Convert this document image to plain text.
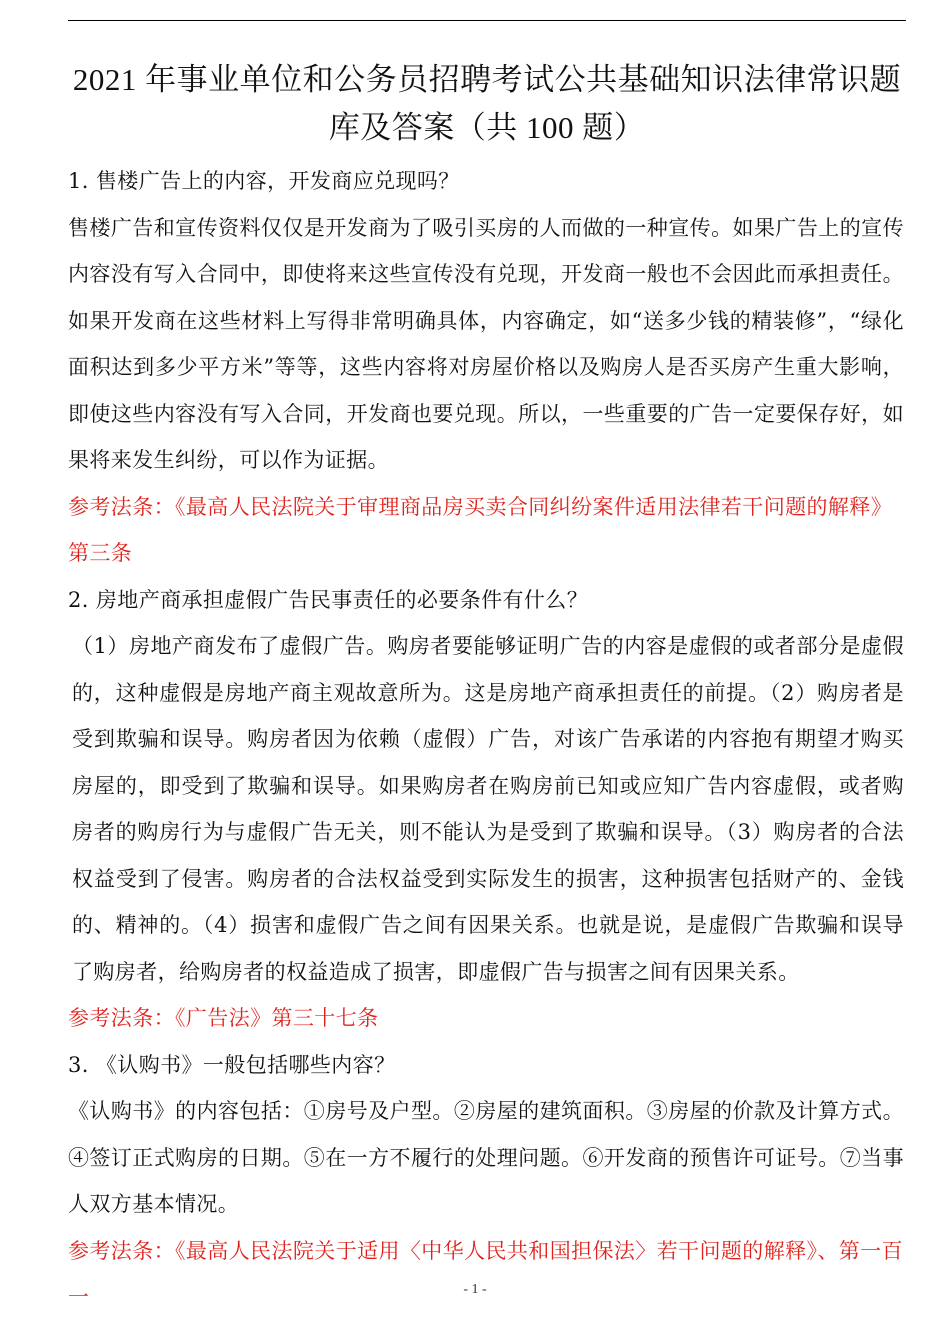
2021 年事业单位和公务员招聘考试公共基础知识法律常识题
库及答案（共 100 题）

1. 售楼广告上的内容，开发商应兑现吗？

售楼广告和宣传资料仅仅是开发商为了吸引买房的人而做的一种宣传。如果广告上的宣传内容没有写入合同中，即使将来这些宣传没有兑现，开发商一般也不会因此而承担责任。如果开发商在这些材料上写得非常明确具体，内容确定，如“送多少钱的精装修”，“绿化面积达到多少平方米”等等，这些内容将对房屋价格以及购房人是否买房产生重大影响，即使这些内容没有写入合同，开发商也要兑现。所以，一些重要的广告一定要保存好，如果将来发生纠纷，可以作为证据。

参考法条：《最高人民法院关于审理商品房买卖合同纠纷案件适用法律若干问题的解释》第三条

2. 房地产商承担虚假广告民事责任的必要条件有什么？

（1）房地产商发布了虚假广告。购房者要能够证明广告的内容是虚假的或者部分是虚假的，这种虚假是房地产商主观故意所为。这是房地产商承担责任的前提。（2）购房者是受到欺骗和误导。购房者因为依赖（虚假）广告，对该广告承诺的内容抱有期望才购买房屋的，即受到了欺骗和误导。如果购房者在购房前已知或应知广告内容虚假，或者购房者的购房行为与虚假广告无关，则不能认为是受到了欺骗和误导。（3）购房者的合法权益受到了侵害。购房者的合法权益受到实际发生的损害，这种损害包括财产的、金钱的、精神的。（4）损害和虚假广告之间有因果关系。也就是说，是虚假广告欺骗和误导了购房者，给购房者的权益造成了损害，即虚假广告与损害之间有因果关系。

参考法条：《广告法》第三十七条

3. 《认购书》一般包括哪些内容？

《认购书》的内容包括：①房号及户型。②房屋的建筑面积。③房屋的价款及计算方式。④签订正式购房的日期。⑤在一方不履行的处理问题。⑥开发商的预售许可证号。⑦当事人双方基本情况。

参考法条：《最高人民法院关于适用〈中华人民共和国担保法〉若干问题的解释》、第一百一	- 1 -
